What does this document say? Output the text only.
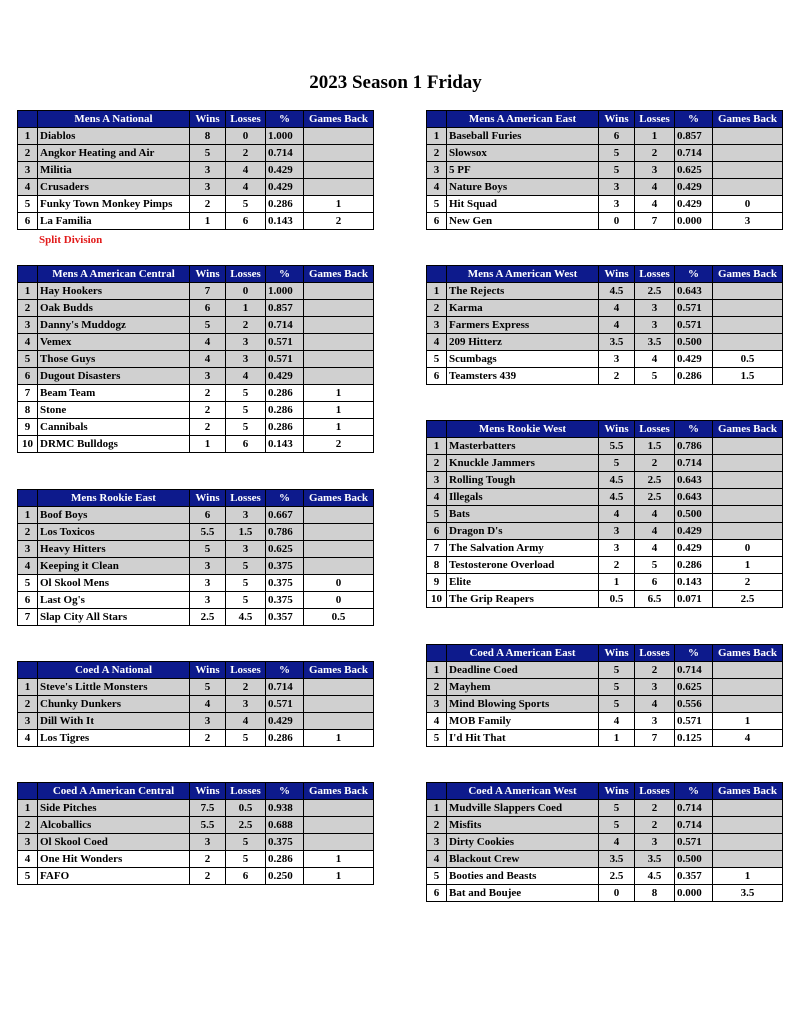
2023 Season 1 Friday
	Mens A National	Wins	Losses	%	Games Back
1	Diablos	8	0	1.000	
2	Angkor Heating and Air	5	2	0.714	
3	Militia	3	4	0.429	
4	Crusaders	3	4	0.429	
5	Funky Town Monkey Pimps	2	5	0.286	1
6	La Familia	1	6	0.143	2
Split Division
	Mens A American East	Wins	Losses	%	Games Back
1	Baseball Furies	6	1	0.857	
2	Slowsox	5	2	0.714	
3	5 PF	5	3	0.625	
4	Nature Boys	3	4	0.429	
5	Hit Squad	3	4	0.429	0
6	New Gen	0	7	0.000	3
	Mens A American Central	Wins	Losses	%	Games Back
1	Hay Hookers	7	0	1.000	
2	Oak Budds	6	1	0.857	
3	Danny's Muddogz	5	2	0.714	
4	Vemex	4	3	0.571	
5	Those Guys	4	3	0.571	
6	Dugout Disasters	3	4	0.429	
7	Beam Team	2	5	0.286	1
8	Stone	2	5	0.286	1
9	Cannibals	2	5	0.286	1
10	DRMC Bulldogs	1	6	0.143	2
	Mens A American West	Wins	Losses	%	Games Back
1	The Rejects	4.5	2.5	0.643	
2	Karma	4	3	0.571	
3	Farmers Express	4	3	0.571	
4	209 Hitterz	3.5	3.5	0.500	
5	Scumbags	3	4	0.429	0.5
6	Teamsters 439	2	5	0.286	1.5
	Mens Rookie West	Wins	Losses	%	Games Back
1	Masterbatters	5.5	1.5	0.786	
2	Knuckle Jammers	5	2	0.714	
3	Rolling Tough	4.5	2.5	0.643	
4	Illegals	4.5	2.5	0.643	
5	Bats	4	4	0.500	
6	Dragon D's	3	4	0.429	
7	The Salvation Army	3	4	0.429	0
8	Testosterone Overload	2	5	0.286	1
9	Elite	1	6	0.143	2
10	The Grip Reapers	0.5	6.5	0.071	2.5
	Mens Rookie East	Wins	Losses	%	Games Back
1	Boof Boys	6	3	0.667	
2	Los Toxicos	5.5	1.5	0.786	
3	Heavy Hitters	5	3	0.625	
4	Keeping it Clean	3	5	0.375	
5	Ol Skool Mens	3	5	0.375	0
6	Last Og's	3	5	0.375	0
7	Slap City All Stars	2.5	4.5	0.357	0.5
	Coed A American East	Wins	Losses	%	Games Back
1	Deadline Coed	5	2	0.714	
2	Mayhem	5	3	0.625	
3	Mind Blowing Sports	5	4	0.556	
4	MOB Family	4	3	0.571	1
5	I'd Hit That	1	7	0.125	4
	Coed A National	Wins	Losses	%	Games Back
1	Steve's Little Monsters	5	2	0.714	
2	Chunky Dunkers	4	3	0.571	
3	Dill With It	3	4	0.429	
4	Los Tigres	2	5	0.286	1
	Coed A American Central	Wins	Losses	%	Games Back
1	Side Pitches	7.5	0.5	0.938	
2	Alcoballics	5.5	2.5	0.688	
3	Ol Skool Coed	3	5	0.375	
4	One Hit Wonders	2	5	0.286	1
5	FAFO	2	6	0.250	1
	Coed A American West	Wins	Losses	%	Games Back
1	Mudville Slappers Coed	5	2	0.714	
2	Misfits	5	2	0.714	
3	Dirty Cookies	4	3	0.571	
4	Blackout Crew	3.5	3.5	0.500	
5	Booties and Beasts	2.5	4.5	0.357	1
6	Bat and Boujee	0	8	0.000	3.5
